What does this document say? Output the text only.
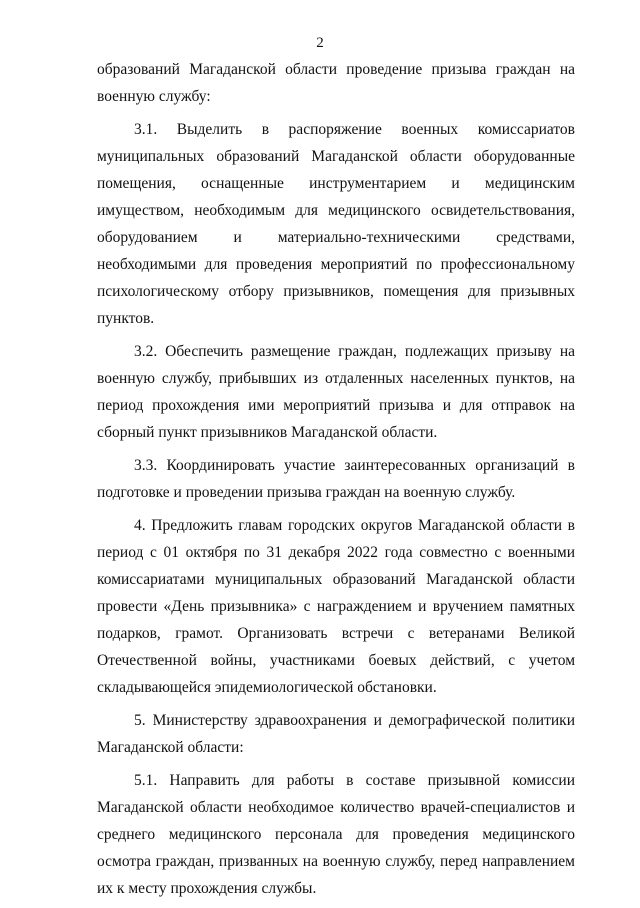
2

образований Магаданской области проведение призыва граждан на военную службу:

3.1. Выделить в распоряжение военных комиссариатов муниципальных образований Магаданской области оборудованные помещения, оснащенные инструментарием и медицинским имуществом, необходимым для медицинского освидетельствования, оборудованием и материально-техническими средствами, необходимыми для проведения мероприятий по профессиональному психологическому отбору призывников, помещения для призывных пунктов.

3.2. Обеспечить размещение граждан, подлежащих призыву на военную службу, прибывших из отдаленных населенных пунктов, на период прохождения ими мероприятий призыва и для отправок на сборный пункт призывников Магаданской области.

3.3. Координировать участие заинтересованных организаций в подготовке и проведении призыва граждан на военную службу.

4. Предложить главам городских округов Магаданской области в период с 01 октября по 31 декабря 2022 года совместно с военными комиссариатами муниципальных образований Магаданской области провести «День призывника» с награждением и вручением памятных подарков, грамот. Организовать встречи с ветеранами Великой Отечественной войны, участниками боевых действий, с учетом складывающейся эпидемиологической обстановки.

5. Министерству здравоохранения и демографической политики Магаданской области:

5.1. Направить для работы в составе призывной комиссии Магаданской области необходимое количество врачей-специалистов и среднего медицинского персонала для проведения медицинского осмотра граждан, призванных на военную службу, перед направлением их к месту прохождения службы.
